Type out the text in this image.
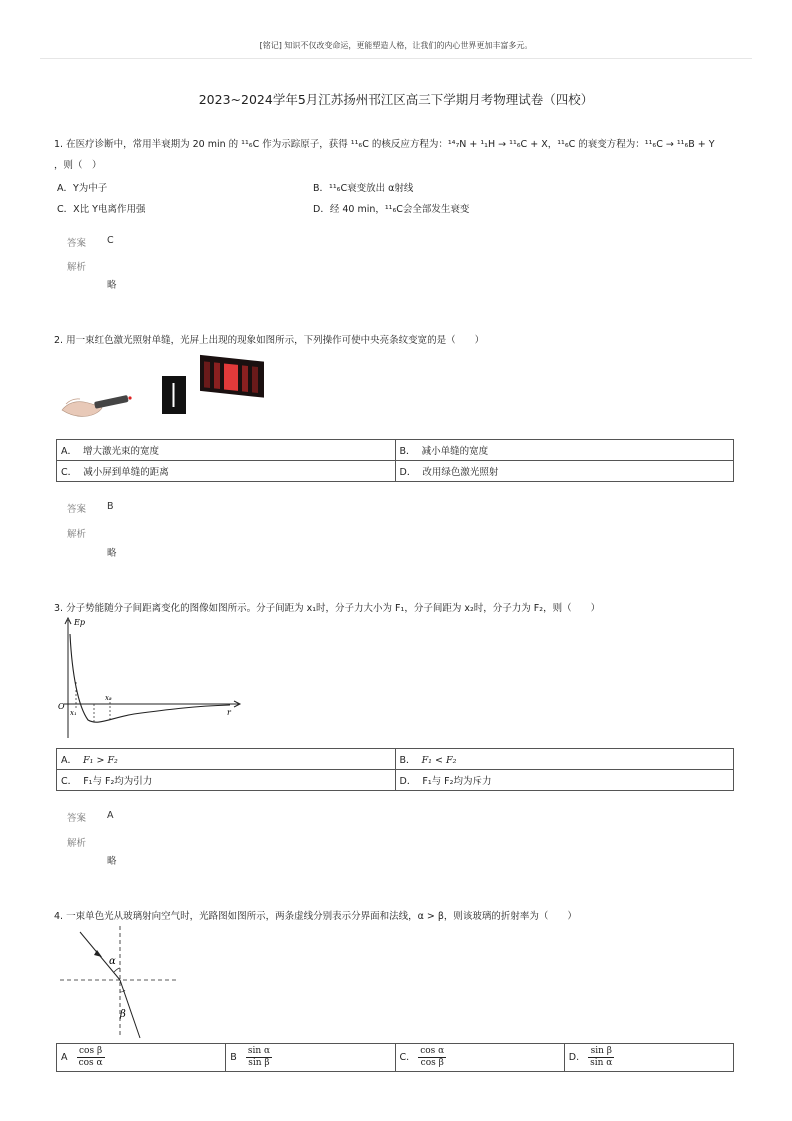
[铭记] 知识不仅改变命运，更能塑造人格，让我们的内心世界更加丰富多元。
2023~2024学年5月江苏扬州邗江区高三下学期月考物理试卷（四校）
1. 在医疗诊断中，常用半衰期为 20 min 的 ¹¹₆C 作为示踪原子，获得 ¹¹₆C 的核反应方程为：¹⁴₇N + ¹₁H → ¹¹₆C + X，¹¹₆C 的衰变方程为：¹¹₆C → ¹¹₆B + Y
，则（　）
A．Y为中子	B．¹¹₆C衰变放出 α射线
C．X比 Y电离作用强	D．经 40 min，¹¹₆C会全部发生衰变
答案 C
解析
略
2. 用一束红色激光照射单缝，光屏上出现的现象如图所示，下列操作可使中央亮条纹变宽的是（　　）
A． 增大激光束的宽度	B． 减小单缝的宽度
C． 减小屏到单缝的距离	D． 改用绿色激光照射
答案 B
解析
略
3. 分子势能随分子间距离变化的图像如图所示。分子间距为 x₁时，分子力大小为 F₁，分子间距为 x₂时，分子力为 F₂，则（　　）
Ep
O
r
x₁
x₂
A． F₁ > F₂	B． F₁ < F₂
C． F₁与 F₂均为引力	D． F₁与 F₂均为斥力
答案 A
解析
略
4. 一束单色光从玻璃射向空气时，光路图如图所示，两条虚线分别表示分界面和法线，α > β，则该玻璃的折射率为（　　）
α
β
A $\frac{\text{cos β}}{\text{cos α}}$	B $\frac{\text{sin α}}{\text{sin β}}$	C. $\frac{\text{cos α}}{\text{cos β}}$	D. $\frac{\text{sin β}}{\text{sin α}}$
